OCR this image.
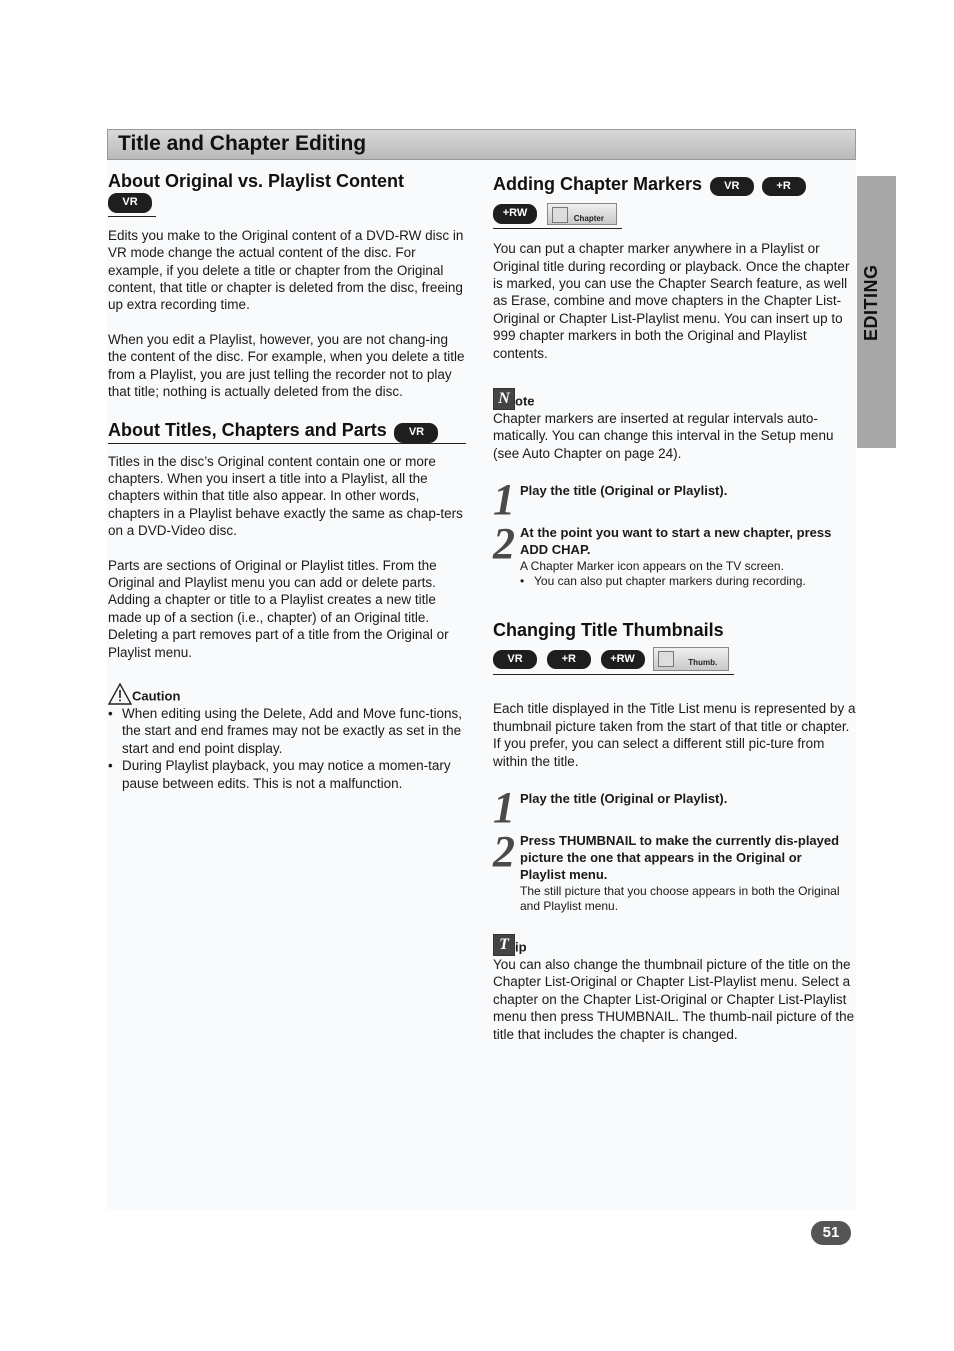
Title and Chapter Editing
EDITING

About Original vs. Playlist Content

VR

Edits you make to the Original content of a DVD-RW disc in VR mode change the actual content of the disc. For example, if you delete a title or chapter from the Original content, that title or chapter is deleted from the disc, freeing up extra recording time.

When you edit a Playlist, however, you are not chang-ing the content of the disc. For example, when you delete a title from a Playlist, you are just telling the recorder not to play that title; nothing is actually deleted from the disc.

About Titles, Chapters and Parts VR

Titles in the disc’s Original content contain one or more chapters. When you insert a title into a Playlist, all the chapters within that title also appear. In other words, chapters in a Playlist behave exactly the same as chap-ters on a DVD-Video disc.

Parts are sections of Original or Playlist titles. From the Original and Playlist menu you can add or delete parts. Adding a chapter or title to a Playlist creates a new title made up of a section (i.e., chapter) of an Original title. Deleting a part removes part of a title from the Original or Playlist menu.

Caution
• When editing using the Delete, Add and Move func-tions, the start and end frames may not be exactly as set in the start and end point display.
• During Playlist playback, you may notice a momen-tary pause between edits. This is not a malfunction.
Adding Chapter Markers VR	+R
+RW	Chapter

You can put a chapter marker anywhere in a Playlist or Original title during recording or playback. Once the chapter is marked, you can use the Chapter Search feature, as well as Erase, combine and move chapters in the Chapter List-Original or Chapter List-Playlist menu. You can insert up to 999 chapter markers in both the Original and Playlist contents.

N ote

Chapter markers are inserted at regular intervals auto-matically. You can change this interval in the Setup menu (see Auto Chapter on page 24).

1 Play the title (Original or Playlist).
2 At the point you want to start a new chapter, press ADD CHAP.
A Chapter Marker icon appears on the TV screen.
• You can also put chapter markers during recording.

Changing Title Thumbnails

VR	+R	+RW	Thumb.

Each title displayed in the Title List menu is represented by a thumbnail picture taken from the start of that title or chapter. If you prefer, you can select a different still pic-ture from within the title.

1 Play the title (Original or Playlist).
2 Press THUMBNAIL to make the currently dis-played picture the one that appears in the Original or Playlist menu.
The still picture that you choose appears in both the Original and Playlist menu.
T ip

You can also change the thumbnail picture of the title on the Chapter List-Original or Chapter List-Playlist menu. Select a chapter on the Chapter List-Original or Chapter List-Playlist menu then press THUMBNAIL. The thumb-nail picture of the title that includes the chapter is changed.

51
